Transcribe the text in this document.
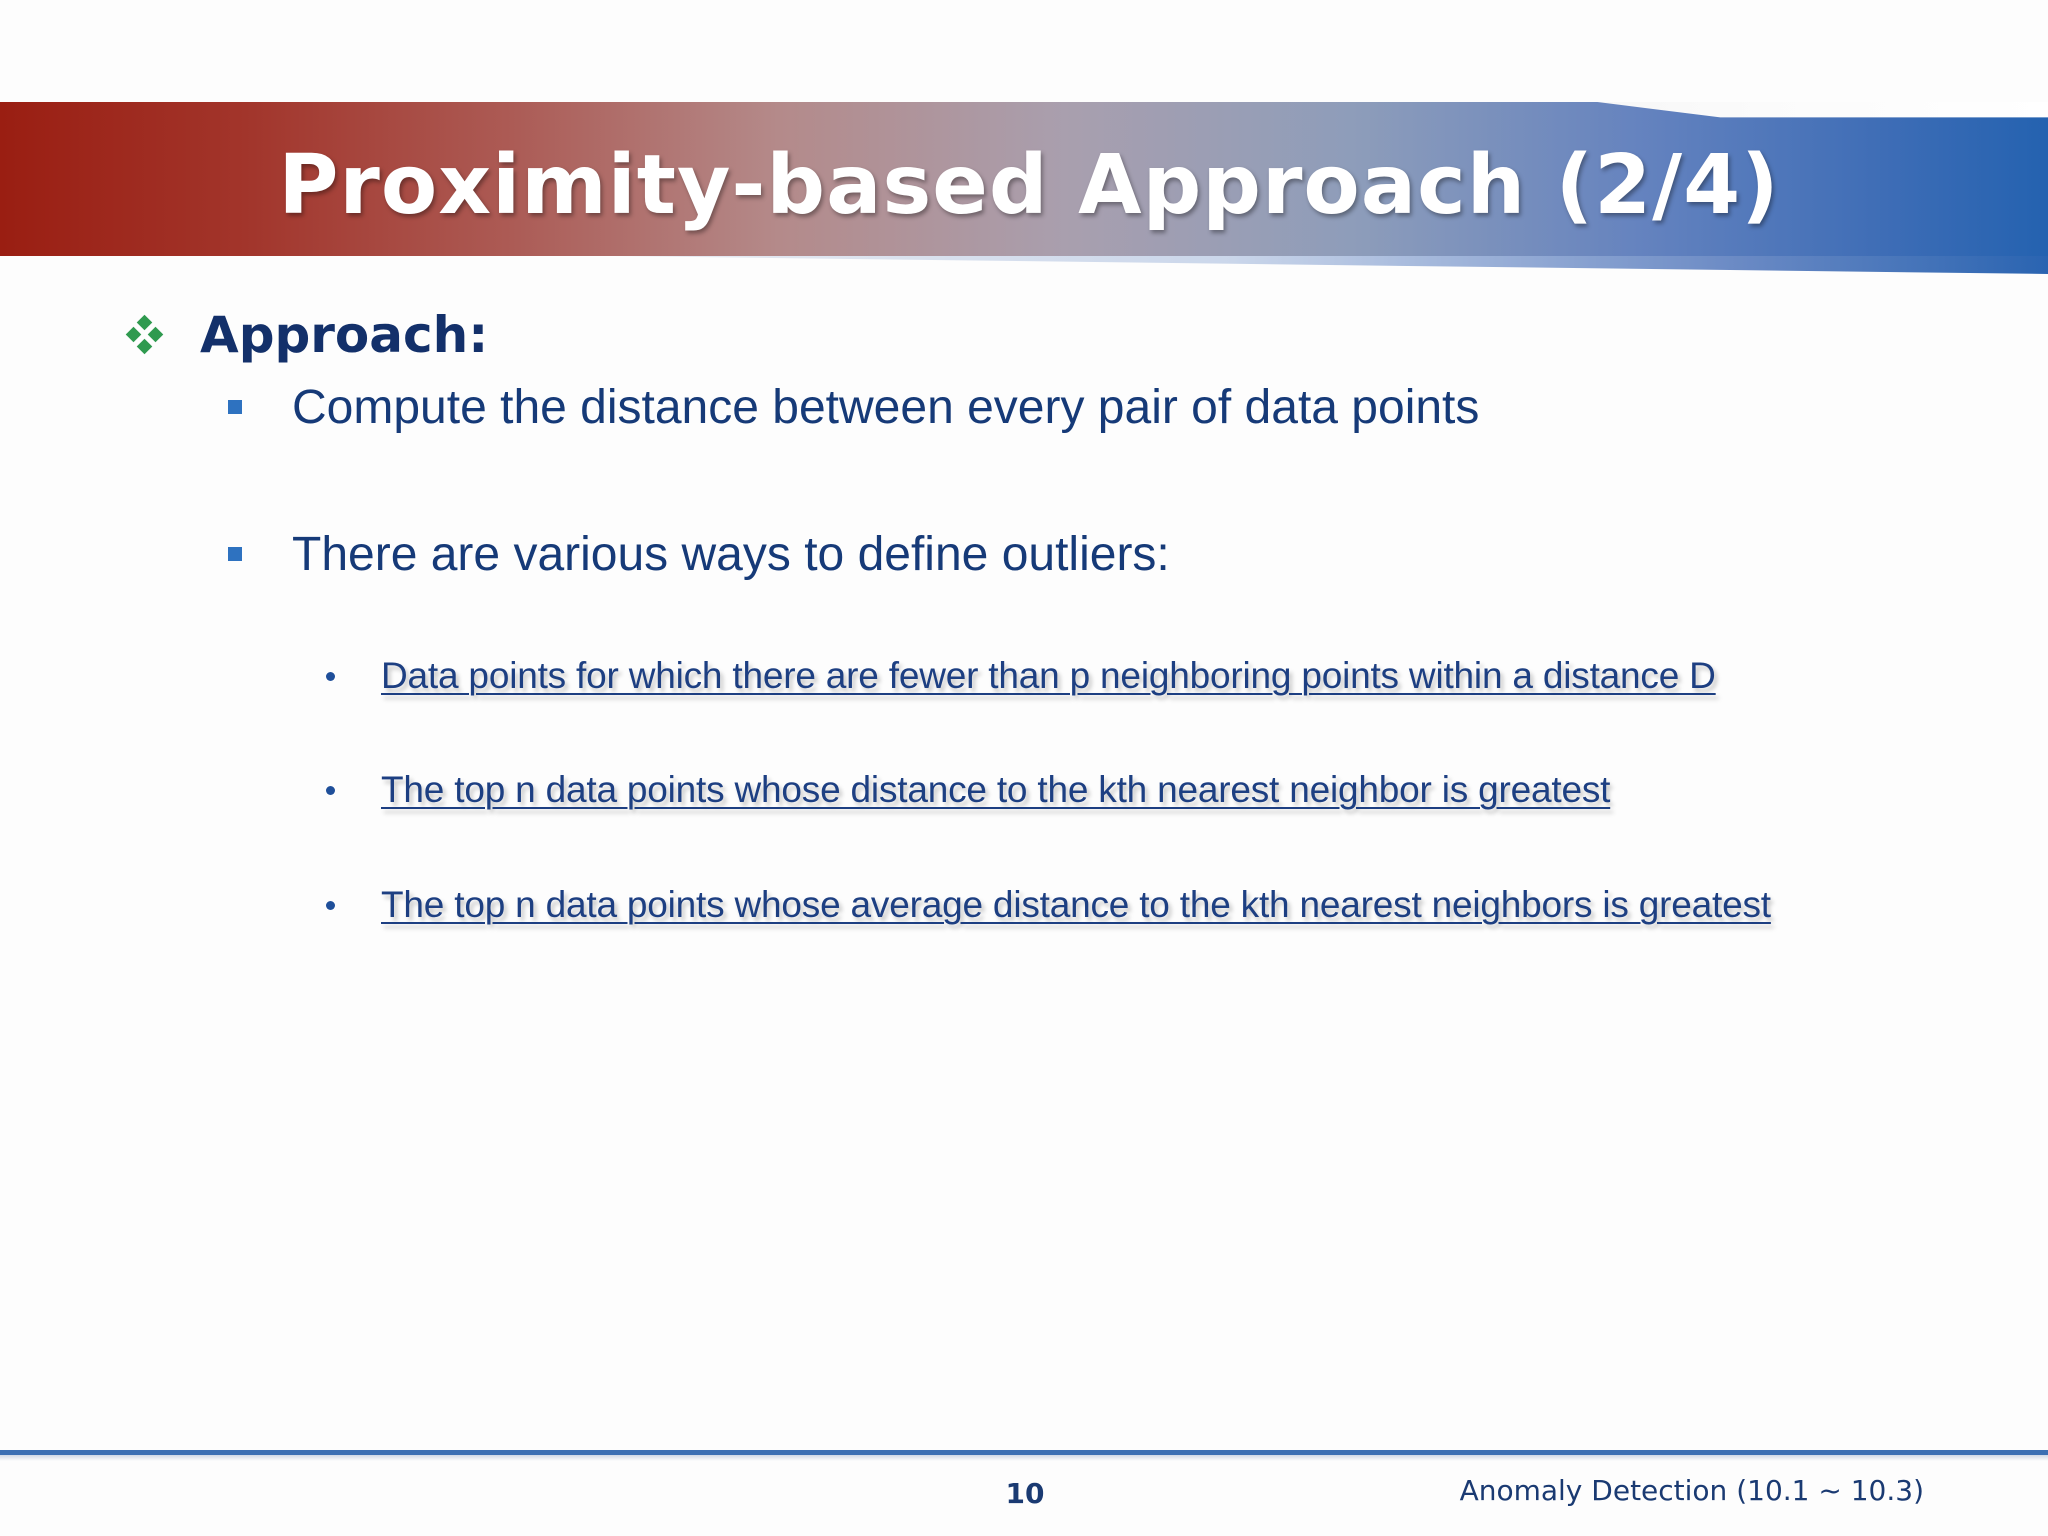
Proximity-based Approach (2/4)
Approach:
Compute the distance between every pair of data points
There are various ways to define outliers:
Data points for which there are fewer than p neighboring points within a distance D
The top n data points whose distance to the kth nearest neighbor is greatest
The top n data points whose average distance to the kth nearest neighbors is greatest
10	Anomaly Detection (10.1 ~ 10.3)
